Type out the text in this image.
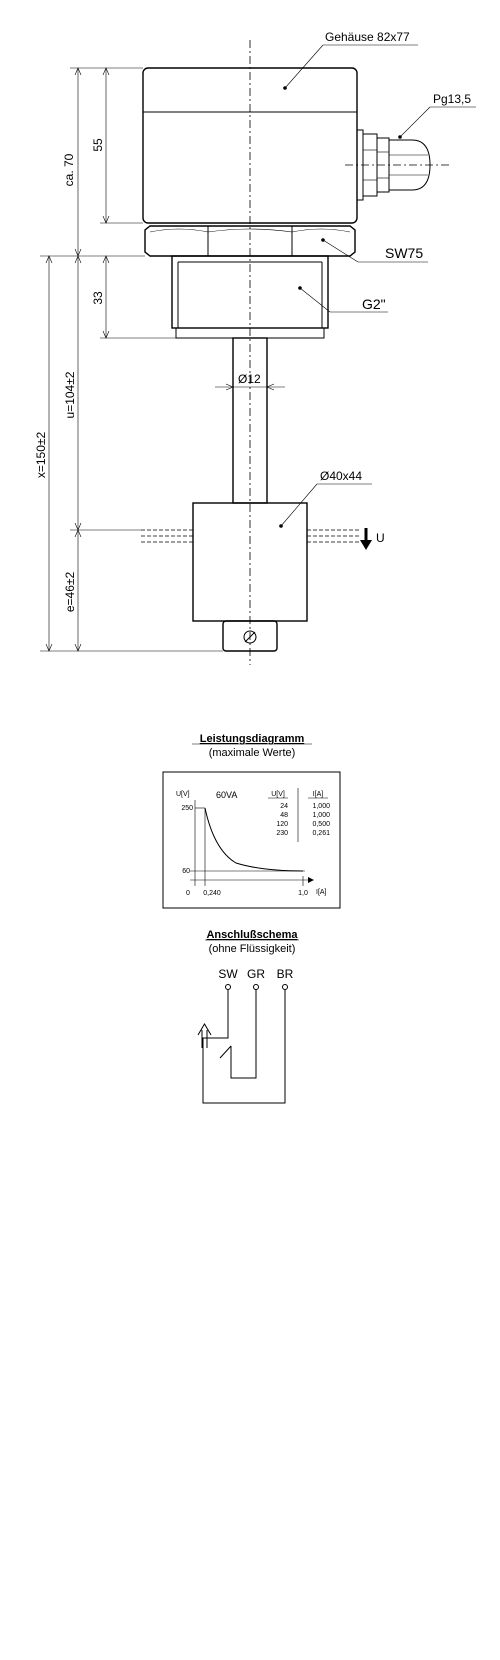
U
ca. 70
55
33
x=150±2
u=104±2
e=46±2
Gehäuse 82x77
Pg13,5
SW75
G2"
Ø12
Ø40x44
Leistungsdiagramm
(maximale Werte)
U[V]
I[A]
60VA
250
60
0 0,240	1,0
U[V]	I[A]
24	1,000
48	1,000
120	0,500
230	0,261
Anschlußschema
(ohne Flüssigkeit)
SW GR BR
